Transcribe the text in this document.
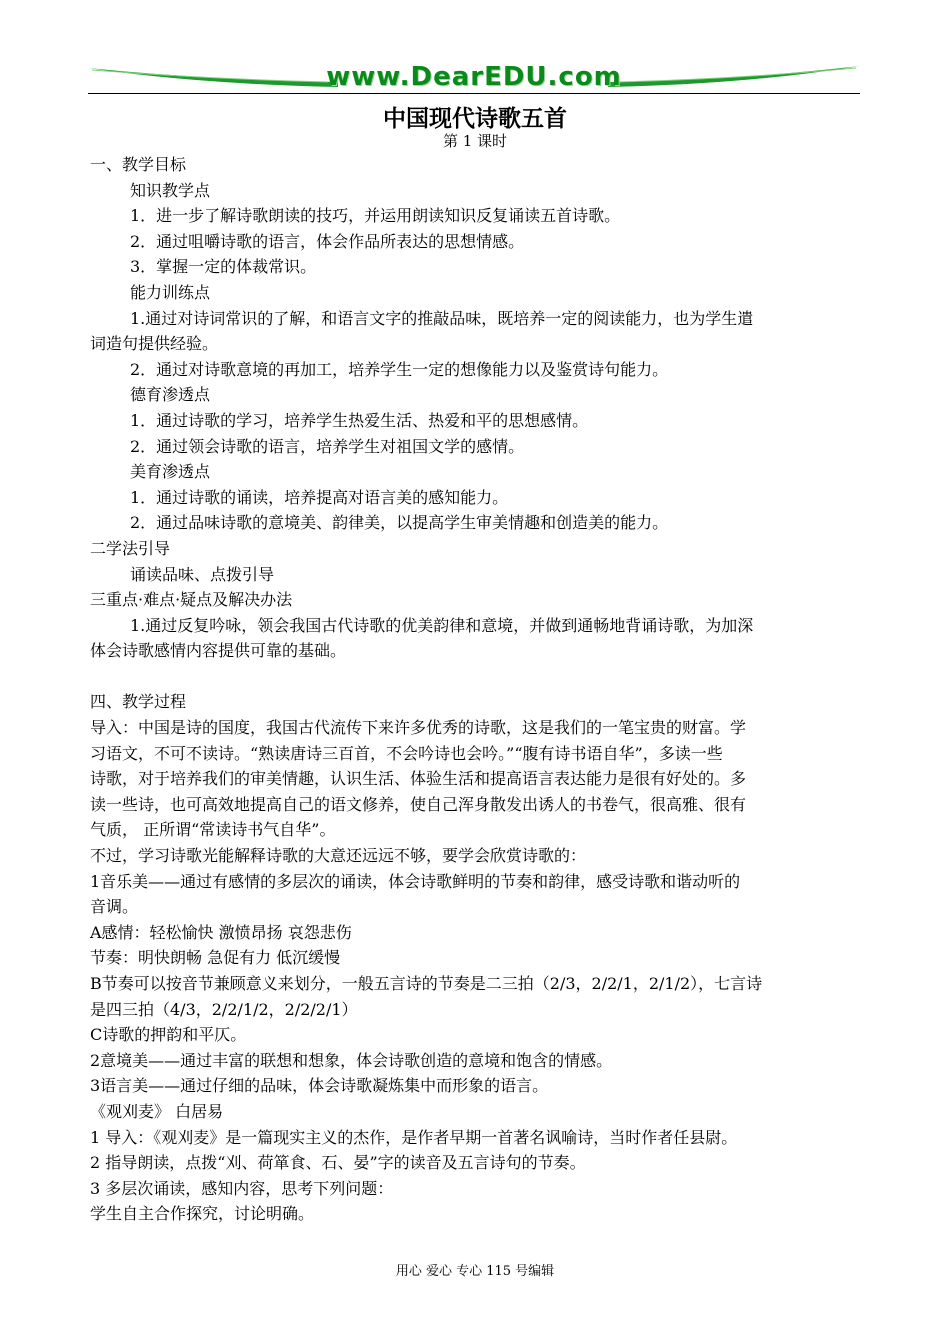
www.DearEDU.com
中国现代诗歌五首
第 1 课时
一、教学目标
知识教学点
1．进一步了解诗歌朗读的技巧，并运用朗读知识反复诵读五首诗歌。
2．通过咀嚼诗歌的语言，体会作品所表达的思想情感。
3．掌握一定的体裁常识。
能力训练点
1.通过对诗词常识的了解，和语言文字的推敲品味，既培养一定的阅读能力，也为学生遣
词造句提供经验。
2．通过对诗歌意境的再加工，培养学生一定的想像能力以及鉴赏诗句能力。
德育渗透点
1．通过诗歌的学习，培养学生热爱生活、热爱和平的思想感情。
2．通过领会诗歌的语言，培养学生对祖国文学的感情。
美育渗透点
1．通过诗歌的诵读，培养提高对语言美的感知能力。
2．通过品味诗歌的意境美、韵律美，以提高学生审美情趣和创造美的能力。
二学法引导
诵读品味、点拨引导
三重点·难点·疑点及解决办法
1.通过反复吟咏，领会我国古代诗歌的优美韵律和意境，并做到通畅地背诵诗歌，为加深
体会诗歌感情内容提供可靠的基础。
四、教学过程
导入：中国是诗的国度，我国古代流传下来许多优秀的诗歌，这是我们的一笔宝贵的财富。学
习语文，不可不读诗。“熟读唐诗三百首，不会吟诗也会吟。”“腹有诗书语自华”，多读一些
诗歌，对于培养我们的审美情趣，认识生活、体验生活和提高语言表达能力是很有好处的。多
读一些诗，也可高效地提高自己的语文修养，使自己浑身散发出诱人的书卷气，很高雅、很有
气质， 正所谓“常读诗书气自华”。
不过，学习诗歌光能解释诗歌的大意还远远不够，要学会欣赏诗歌的：
1音乐美——通过有感情的多层次的诵读，体会诗歌鲜明的节奏和韵律，感受诗歌和谐动听的
音调。
A感情：轻松愉快 激愤昂扬 哀怨悲伤
节奏：明快朗畅 急促有力 低沉缓慢
B节奏可以按音节兼顾意义来划分，一般五言诗的节奏是二三拍（2/3，2/2/1，2/1/2），七言诗
是四三拍（4/3，2/2/1/2，2/2/2/1）
C诗歌的押韵和平仄。
2意境美——通过丰富的联想和想象，体会诗歌创造的意境和饱含的情感。
3语言美——通过仔细的品味，体会诗歌凝炼集中而形象的语言。
《观刈麦》 白居易
1 导入：《观刈麦》是一篇现实主义的杰作，是作者早期一首著名讽喻诗，当时作者任县尉。
2 指导朗读，点拨“刈、荷箪食、石、晏”字的读音及五言诗句的节奏。
3 多层次诵读，感知内容，思考下列问题：
学生自主合作探究，讨论明确。
用心 爱心 专心 115 号编辑
